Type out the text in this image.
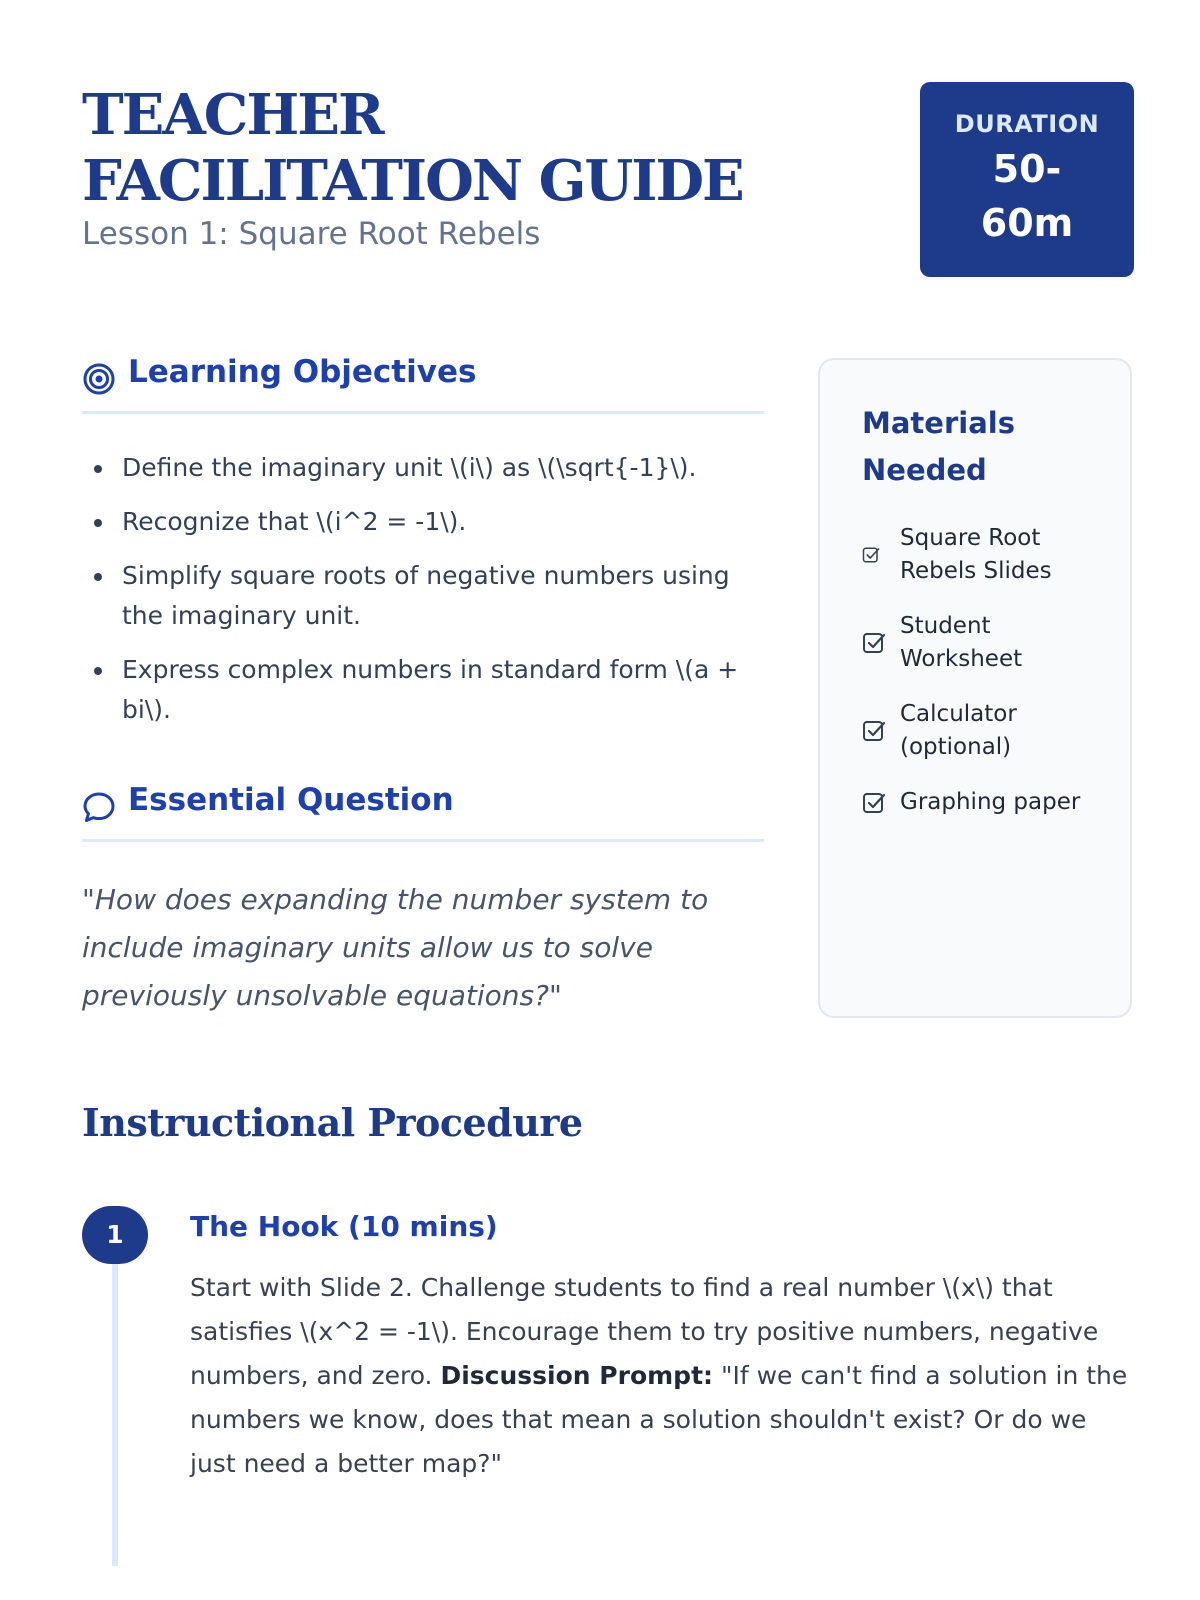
TEACHER FACILITATION GUIDE
Lesson 1: Square Root Rebels
DURATION
50-60m
Learning Objectives
Define the imaginary unit \(i\) as \(\sqrt{-1}\).
Recognize that \(i^2 = -1\).
Simplify square roots of negative numbers using the imaginary unit.
Express complex numbers in standard form \(a + bi\).
Essential Question
"How does expanding the number system to include imaginary units allow us to solve previously unsolvable equations?"
Materials Needed
Square Root Rebels Slides
Student Worksheet
Calculator (optional)
Graphing paper
Instructional Procedure
1	The Hook (10 mins)
Start with Slide 2. Challenge students to find a real number \(x\) that satisfies \(x^2 = -1\). Encourage them to try positive numbers, negative numbers, and zero. Discussion Prompt: "If we can't find a solution in the numbers we know, does that mean a solution shouldn't exist? Or do we just need a better map?"
